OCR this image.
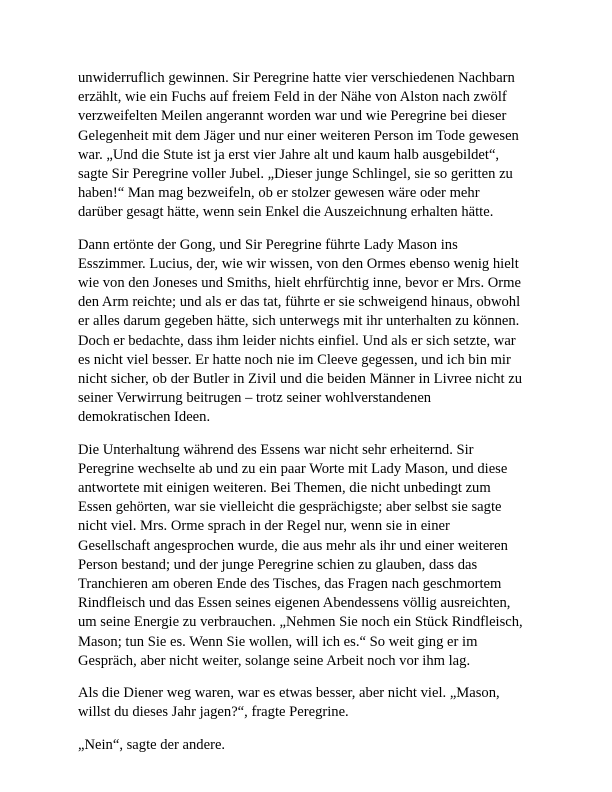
unwiderruflich gewinnen. Sir Peregrine hatte vier verschiedenen Nachbarn
erzählt, wie ein Fuchs auf freiem Feld in der Nähe von Alston nach zwölf
verzweifelten Meilen angerannt worden war und wie Peregrine bei dieser
Gelegenheit mit dem Jäger und nur einer weiteren Person im Tode gewesen
war. „Und die Stute ist ja erst vier Jahre alt und kaum halb ausgebildet“,
sagte Sir Peregrine voller Jubel. „Dieser junge Schlingel, sie so geritten zu
haben!“ Man mag bezweifeln, ob er stolzer gewesen wäre oder mehr
darüber gesagt hätte, wenn sein Enkel die Auszeichnung erhalten hätte.

Dann ertönte der Gong, und Sir Peregrine führte Lady Mason ins
Esszimmer. Lucius, der, wie wir wissen, von den Ormes ebenso wenig hielt
wie von den Joneses und Smiths, hielt ehrfürchtig inne, bevor er Mrs. Orme
den Arm reichte; und als er das tat, führte er sie schweigend hinaus, obwohl
er alles darum gegeben hätte, sich unterwegs mit ihr unterhalten zu können.
Doch er bedachte, dass ihm leider nichts einfiel. Und als er sich setzte, war
es nicht viel besser. Er hatte noch nie im Cleeve gegessen, und ich bin mir
nicht sicher, ob der Butler in Zivil und die beiden Männer in Livree nicht zu
seiner Verwirrung beitrugen – trotz seiner wohlverstandenen
demokratischen Ideen.

Die Unterhaltung während des Essens war nicht sehr erheiternd. Sir
Peregrine wechselte ab und zu ein paar Worte mit Lady Mason, und diese
antwortete mit einigen weiteren. Bei Themen, die nicht unbedingt zum
Essen gehörten, war sie vielleicht die gesprächigste; aber selbst sie sagte
nicht viel. Mrs. Orme sprach in der Regel nur, wenn sie in einer
Gesellschaft angesprochen wurde, die aus mehr als ihr und einer weiteren
Person bestand; und der junge Peregrine schien zu glauben, dass das
Tranchieren am oberen Ende des Tisches, das Fragen nach geschmortem
Rindfleisch und das Essen seines eigenen Abendessens völlig ausreichten,
um seine Energie zu verbrauchen. „Nehmen Sie noch ein Stück Rindfleisch,
Mason; tun Sie es. Wenn Sie wollen, will ich es.“ So weit ging er im
Gespräch, aber nicht weiter, solange seine Arbeit noch vor ihm lag.

Als die Diener weg waren, war es etwas besser, aber nicht viel. „Mason,
willst du dieses Jahr jagen?“, fragte Peregrine.

„Nein“, sagte der andere.
